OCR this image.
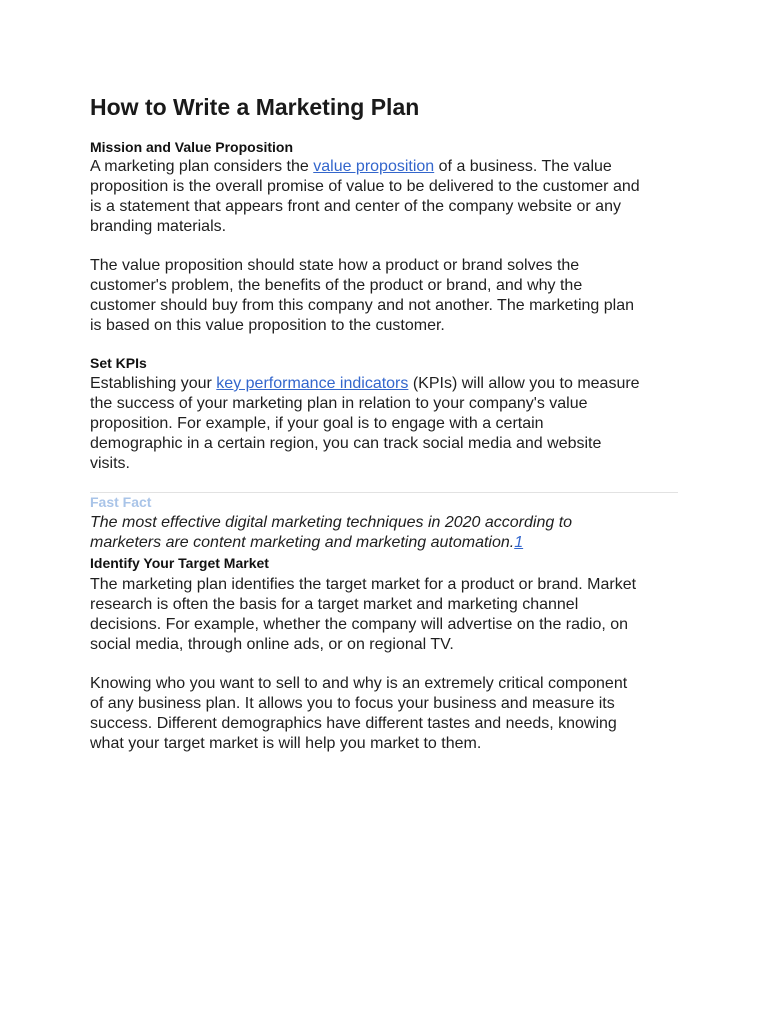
How to Write a Marketing Plan
Mission and Value Proposition

A marketing plan considers the value proposition of a business. The value
proposition is the overall promise of value to be delivered to the customer and
is a statement that appears front and center of the company website or any
branding materials.

The value proposition should state how a product or brand solves the
customer's problem, the benefits of the product or brand, and why the
customer should buy from this company and not another. The marketing plan
is based on this value proposition to the customer.

Set KPIs

Establishing your key performance indicators (KPIs) will allow you to measure
the success of your marketing plan in relation to your company's value
proposition. For example, if your goal is to engage with a certain
demographic in a certain region, you can track social media and website
visits.

Fast Fact

The most effective digital marketing techniques in 2020 according to
marketers are content marketing and marketing automation.1

Identify Your Target Market

The marketing plan identifies the target market for a product or brand. Market
research is often the basis for a target market and marketing channel
decisions. For example, whether the company will advertise on the radio, on
social media, through online ads, or on regional TV.

Knowing who you want to sell to and why is an extremely critical component
of any business plan. It allows you to focus your business and measure its
success. Different demographics have different tastes and needs, knowing
what your target market is will help you market to them.
